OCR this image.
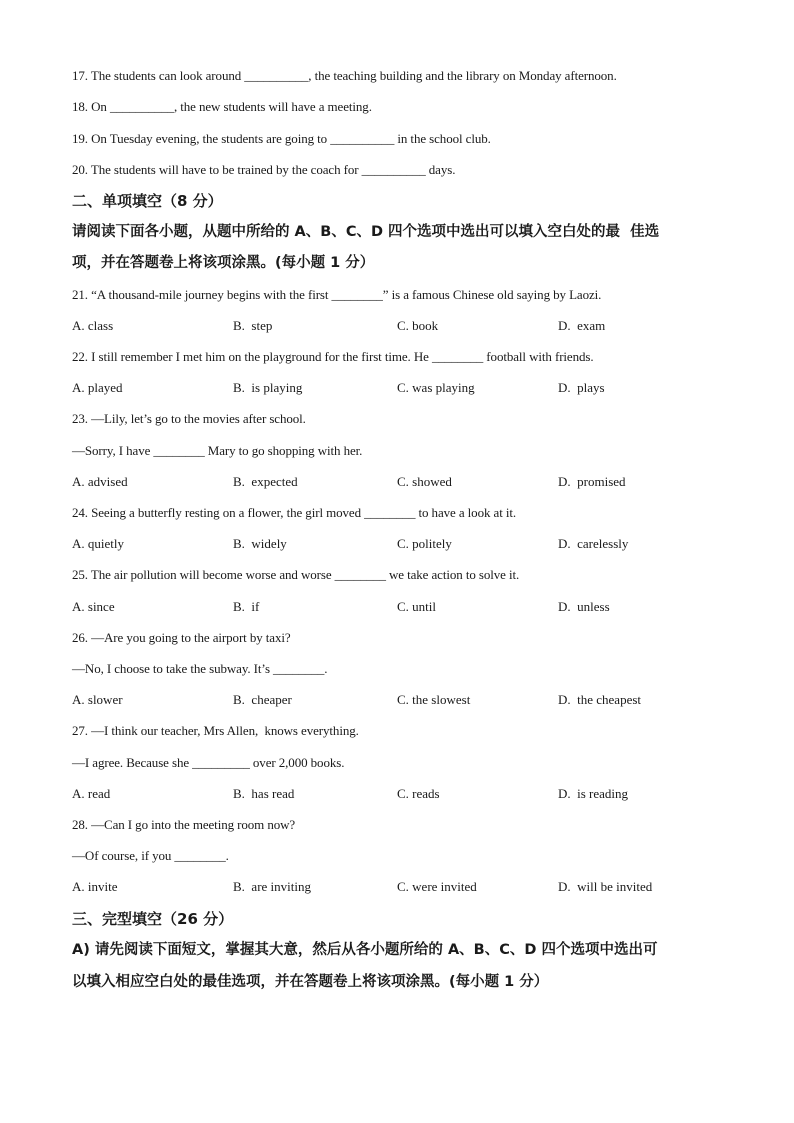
17. The students can look around __________, the teaching building and the library on Monday afternoon.
18. On __________, the new students will have a meeting.
19. On Tuesday evening, the students are going to __________ in the school club.
20. The students will have to be trained by the coach for __________ days.
二、单项填空（8 分）
请阅读下面各小题，从题中所给的 A、B、C、D 四个选项中选出可以填入空白处的最  佳选
项，并在答题卷上将该项涂黑。(每小题 1 分）
21. “A thousand-mile journey begins with the first ________” is a famous Chinese old saying by Laozi.
A. class	B.  step	C. book	D.  exam
22. I still remember I met him on the playground for the first time. He ________ football with friends.
A. played	B.  is playing	C. was playing	D.  plays
23. —Lily, let’s go to the movies after school.
—Sorry, I have ________ Mary to go shopping with her.
A. advised	B.  expected	C. showed	D.  promised
24. Seeing a butterfly resting on a flower, the girl moved ________ to have a look at it.
A. quietly	B.  widely	C. politely	D.  carelessly
25. The air pollution will become worse and worse ________ we take action to solve it.
A. since	B.  if	C. until	D.  unless
26. —Are you going to the airport by taxi?
—No, I choose to take the subway. It’s ________.
A. slower	B.  cheaper	C. the slowest	D.  the cheapest
27. —I think our teacher, Mrs Allen,  knows everything.
—I agree. Because she _________ over 2,000 books.
A. read	B.  has read	C. reads	D.  is reading
28. —Can I go into the meeting room now?
—Of course, if you ________.
A. invite	B.  are inviting	C. were invited	D.  will be invited
三、完型填空（26 分）
A) 请先阅读下面短文，掌握其大意，然后从各小题所给的 A、B、C、D 四个选项中选出可
以填入相应空白处的最佳选项，并在答题卷上将该项涂黑。(每小题 1 分）
